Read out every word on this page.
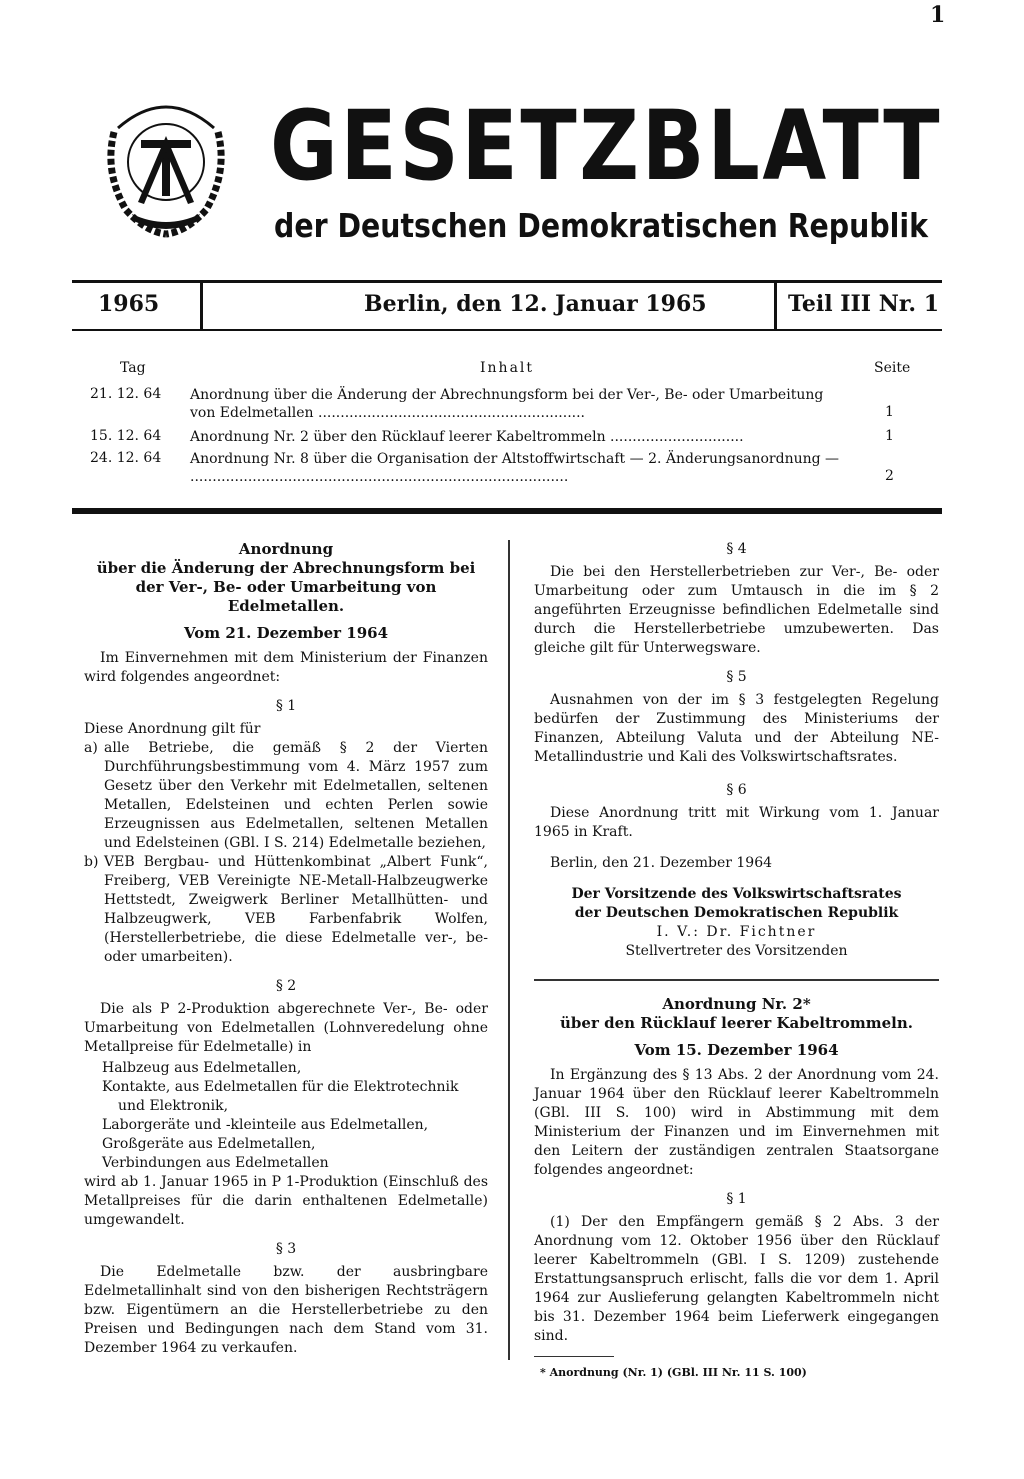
1
GESETZBLATT
der Deutschen Demokratischen Republik
1965	Berlin, den 12. Januar 1965	Teil III Nr. 1
Tag	Inhalt	Seite
21. 12. 64 Anordnung über die Änderung der Abrechnungsform bei der Ver-, Be- oder Umarbeitung von Edelmetallen ............................................................	1
15. 12. 64 Anordnung Nr. 2 über den Rücklauf leerer Kabeltrommeln ..............................	1
24. 12. 64 Anordnung Nr. 8 über die Organisation der Altstoffwirtschaft — 2. Änderungsanordnung — .....................................................................................	2
Anordnung
über die Änderung der Abrechnungsform bei der Ver-, Be- oder Umarbeitung von Edelmetallen.
Vom 21. Dezember 1964

Im Einvernehmen mit dem Ministerium der Finanzen wird folgendes angeordnet:

§ 1

Diese Anordnung gilt für

a) alle Betriebe, die gemäß § 2 der Vierten Durchführungsbestimmung vom 4. März 1957 zum Gesetz über den Verkehr mit Edelmetallen, seltenen Metallen, Edelsteinen und echten Perlen sowie Erzeugnissen aus Edelmetallen, seltenen Metallen und Edelsteinen (GBl. I S. 214) Edelmetalle beziehen,
b) VEB Bergbau- und Hüttenkombinat „Albert Funk“, Freiberg, VEB Vereinigte NE-Metall-Halbzeugwerke Hettstedt, Zweigwerk Berliner Metallhütten- und Halbzeugwerk, VEB Farbenfabrik Wolfen, (Herstellerbetriebe, die diese Edelmetalle ver-, be- oder umarbeiten).
§ 2

Die als P 2-Produktion abgerechnete Ver-, Be- oder Umarbeitung von Edelmetallen (Lohnveredelung ohne Metallpreise für Edelmetalle) in

Halbzeug aus Edelmetallen,
Kontakte, aus Edelmetallen für die Elektrotechnik
und Elektronik,
Laborgeräte und -kleinteile aus Edelmetallen,
Großgeräte aus Edelmetallen,
Verbindungen aus Edelmetallen

wird ab 1. Januar 1965 in P 1-Produktion (Einschluß des Metallpreises für die darin enthaltenen Edelmetalle) umgewandelt.

§ 3

Die Edelmetalle bzw. der ausbringbare Edelmetallinhalt sind von den bisherigen Rechtsträgern bzw. Eigentümern an die Herstellerbetriebe zu den Preisen und Bedingungen nach dem Stand vom 31. Dezember 1964 zu verkaufen.

§ 4

Die bei den Herstellerbetrieben zur Ver-, Be- oder Umarbeitung oder zum Umtausch in die im § 2 angeführten Erzeugnisse befindlichen Edelmetalle sind durch die Herstellerbetriebe umzubewerten. Das gleiche gilt für Unterwegsware.

§ 5

Ausnahmen von der im § 3 festgelegten Regelung bedürfen der Zustimmung des Ministeriums der Finanzen, Abteilung Valuta und der Abteilung NE-Metallindustrie und Kali des Volkswirtschaftsrates.

§ 6

Diese Anordnung tritt mit Wirkung vom 1. Januar 1965 in Kraft.

Berlin, den 21. Dezember 1964

Der Vorsitzende des Volkswirtschaftsrates
der Deutschen Demokratischen Republik
I. V.: Dr. Fichtner
Stellvertreter des Vorsitzenden
Anordnung Nr. 2*
über den Rücklauf leerer Kabeltrommeln.
Vom 15. Dezember 1964

In Ergänzung des § 13 Abs. 2 der Anordnung vom 24. Januar 1964 über den Rücklauf leerer Kabeltrommeln (GBl. III S. 100) wird in Abstimmung mit dem Ministerium der Finanzen und im Einvernehmen mit den Leitern der zuständigen zentralen Staatsorgane folgendes angeordnet:

§ 1

(1) Der den Empfängern gemäß § 2 Abs. 3 der Anordnung vom 12. Oktober 1956 über den Rücklauf leerer Kabeltrommeln (GBl. I S. 1209) zustehende Erstattungsanspruch erlischt, falls die vor dem 1. April 1964 zur Auslieferung gelangten Kabeltrommeln nicht bis 31. Dezember 1964 beim Lieferwerk eingegangen sind.

* Anordnung (Nr. 1) (GBl. III Nr. 11 S. 100)
